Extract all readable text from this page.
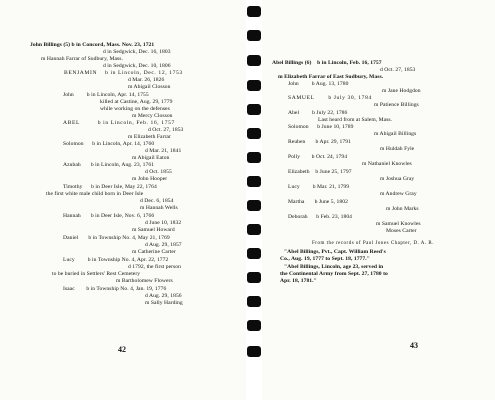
John Billings (5) b in Concord, Mass. Nov. 23, 1721
d in Sedgwick, Dec. 16, 1803
m Hannah Farrar of Sudbury, Mass.
d in Sedgwick, Dec. 10, 1806
BENJAMIN    b in Lincoln, Dec. 12, 1753
d Mar. 26, 1826
m Abigail Closson
John         b in Lincoln, Apr. 14, 1755
killed at Castine, Aug. 29, 1779
while working on the defenses
m Mercy Closson
ABEL         b in Lincoln, Feb. 16, 1757
d Oct. 27, 1853
m Elizabeth Farrar
Solomon      b in Lincoln, Apr. 14, 1760
d Mar. 21, 1841
m Abigail Eaton
Azubah       b in Lincoln, Aug. 23, 1761
d Oct. 1855
m John Hooper
Timothy      b in Deer Isle, May 22, 1764
the first white male child born in Deer Isle
d Dec. 6, 1854
m Hannah Wells
Hannah       b in Deer Isle, Nov. 6, 1766
d June 10, 1832
m Samuel Howard
Daniel       b in Township No. 4, May 21, 1769
d Aug. 29, 1857
m Catherine Carter
Lucy         b in Township No. 4, Apr. 22, 1772
d 1792, the first person
to be buried in Settlers' Rest Cemetery
m Bartholomew Flowers
Isaac        b in Township No. 4, Jan. 19, 1776
d Aug. 29, 1856
m Sally Harding
42
Abel Billings (6)    b in Lincoln, Feb. 16, 1757
d Oct. 27, 1853
m Elizabeth Farrar of East Sudbury, Mass.
John         b Aug. 13, 1780
m Jane Hodgdon
SAMUEL       b July 30, 1784
m Patience Billings
Abel         b July 22, 1786
Last heard from at Salem, Mass.
Solomon      b June 10, 1789
m Abigail Billings
Reuben       b Apr. 29, 1791
m Huldah Fyle
Polly        b Oct. 24, 1794
m Nathaniel Knowles
Elizabeth    b June 25, 1797
m Joshua Gray
Lucy         b Mar. 21, 1799
m Andrew Gray
Martha       b June 5, 1802
m John Marks
Deborah      b Feb. 23, 1804
m Samuel Knowles
Moses Carter
From the records of Paul Jones Chapter, D. A. R.
"Abel Billings, Pvt., Capt. William Reed's
Co., Aug. 19, 1777 to Sept. 18, 1777."
"Abel Billings, Lincoln, age 23, served in
the Continental Army from Sept. 27, 1780 to
Apr. 18, 1781."
43
